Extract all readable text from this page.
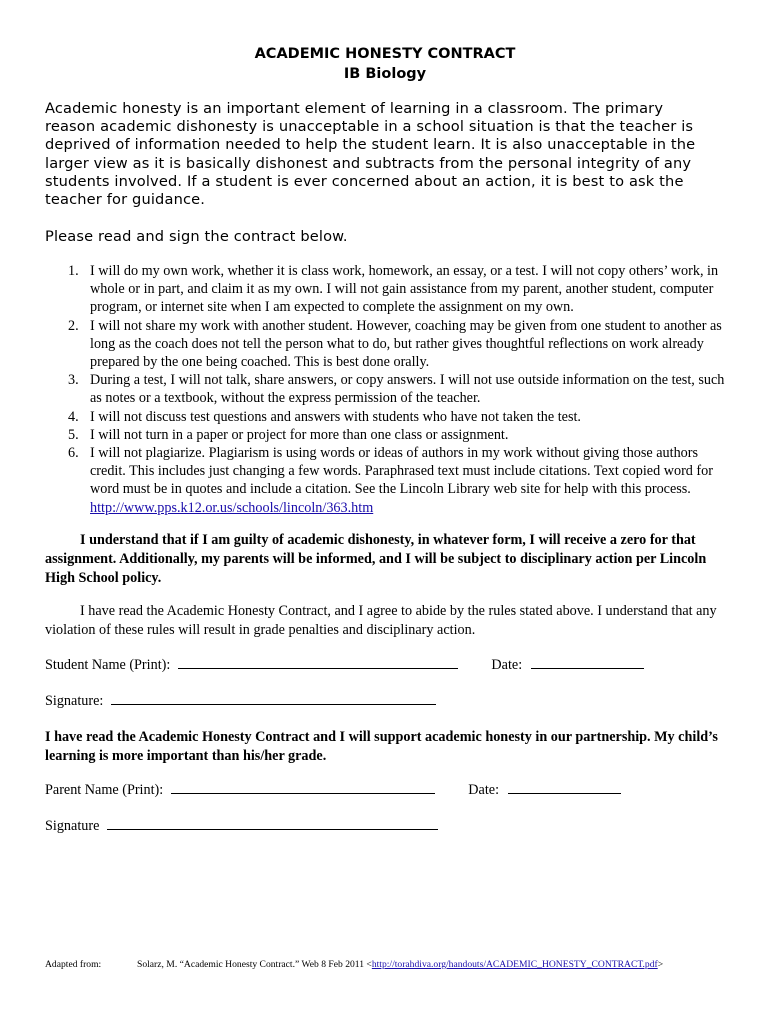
ACADEMIC HONESTY CONTRACT
IB Biology

Academic honesty is an important element of learning in a classroom. The primary reason academic dishonesty is unacceptable in a school situation is that the teacher is deprived of information needed to help the student learn. It is also unacceptable in the larger view as it is basically dishonest and subtracts from the personal integrity of any students involved. If a student is ever concerned about an action, it is best to ask the teacher for guidance.

Please read and sign the contract below.

1. I will do my own work, whether it is class work, homework, an essay, or a test. I will not copy others’ work, in whole or in part, and claim it as my own. I will not gain assistance from my parent, another student, computer program, or internet site when I am expected to complete the assignment on my own.
2. I will not share my work with another student. However, coaching may be given from one student to another as long as the coach does not tell the person what to do, but rather gives thoughtful reflections on work already prepared by the one being coached. This is best done orally.
3. During a test, I will not talk, share answers, or copy answers. I will not use outside information on the test, such as notes or a textbook, without the express permission of the teacher.
4. I will not discuss test questions and answers with students who have not taken the test.
5. I will not turn in a paper or project for more than one class or assignment.
6. I will not plagiarize. Plagiarism is using words or ideas of authors in my work without giving those authors credit. This includes just changing a few words. Paraphrased text must include citations. Text copied word for word must be in quotes and include a citation. See the Lincoln Library web site for help with this process. http://www.pps.k12.or.us/schools/lincoln/363.htm

I understand that if I am guilty of academic dishonesty, in whatever form, I will receive a zero for that assignment. Additionally, my parents will be informed, and I will be subject to disciplinary action per Lincoln High School policy.

I have read the Academic Honesty Contract, and I agree to abide by the rules stated above. I understand that any violation of these rules will result in grade penalties and disciplinary action.

Student Name (Print):	Date:
Signature:

I have read the Academic Honesty Contract and I will support academic honesty in our partnership. My child’s learning is more important than his/her grade.

Parent Name (Print):	Date:
Signature
Adapted from:	Solarz, M. “Academic Honesty Contract.” Web 8 Feb 2011 <http://torahdiva.org/handouts/ACADEMIC_HONESTY_CONTRACT.pdf>
